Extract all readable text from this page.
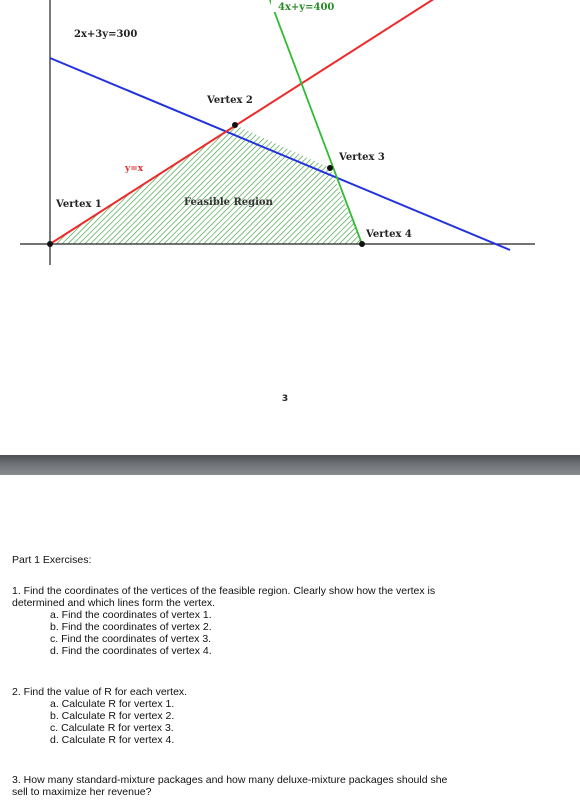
4x+y=400
2x+3y=300
y=x
Vertex 1
Vertex 2
Vertex 3
Vertex 4
Feasible Region
3

Part 1 Exercises:

1. Find the coordinates of the vertices of the feasible region. Clearly show how the vertex is

determined and which lines form the vertex.

a. Find the coordinates of vertex 1.

b. Find the coordinates of vertex 2.

c. Find the coordinates of vertex 3.

d. Find the coordinates of vertex 4.

2. Find the value of R for each vertex.

a. Calculate R for vertex 1.

b. Calculate R for vertex 2.

c. Calculate R for vertex 3.

d. Calculate R for vertex 4.

3. How many standard-mixture packages and how many deluxe-mixture packages should she

sell to maximize her revenue?
